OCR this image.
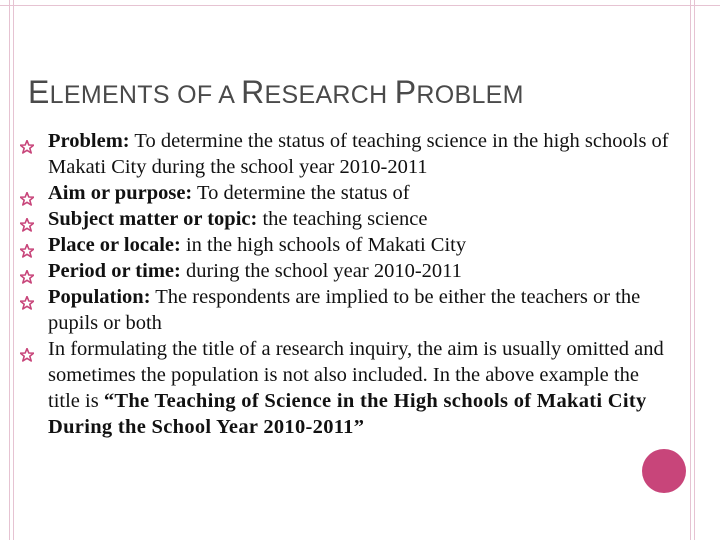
ELEMENTS OF A RESEARCH PROBLEM
Problem: To determine the status of teaching science in the high schools of Makati City during the school year 2010-2011
Aim or purpose: To determine the status of
Subject matter or topic: the teaching science
Place or locale: in the high schools of Makati City
Period or time: during the school year 2010-2011
Population: The respondents are implied to be either the teachers or the pupils or both
In formulating the title of a research inquiry, the aim is usually omitted and sometimes the population is not also included. In the above example the title is “The Teaching of Science in the High schools of Makati City During the School Year 2010-2011”
